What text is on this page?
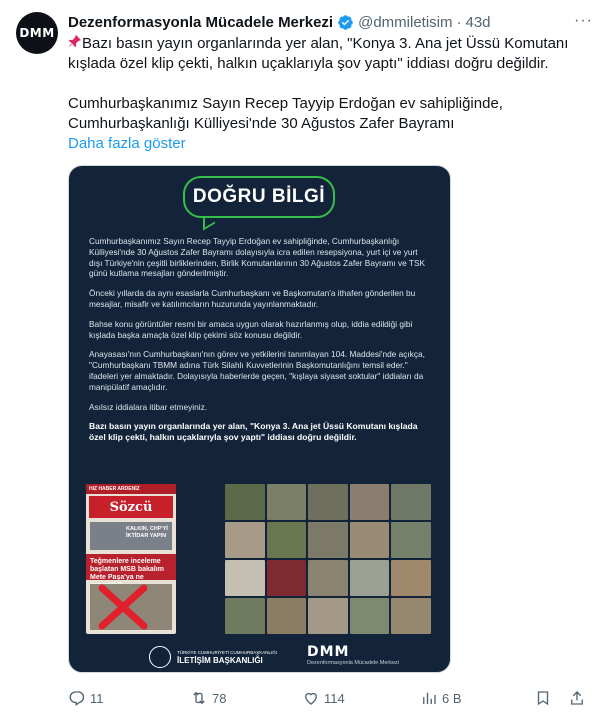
DMM
Dezenformasyonla Mücadele Merkezi @dmmiletisim · 43d	···

Bazı basın yayın organlarında yer alan, "Konya 3. Ana jet Üssü Komutanı kışlada özel klip çekti, halkın uçaklarıyla şov yaptı" iddiası doğru değildir.

Cumhurbaşkanımız Sayın Recep Tayyip Erdoğan ev sahipliğinde, Cumhurbaşkanlığı Külliyesi'nde 30 Ağustos Zafer Bayramı

Daha fazla göster

DOĞRU BİLGİ

Cumhurbaşkanımız Sayın Recep Tayyip Erdoğan ev sahipliğinde, Cumhurbaşkanlığı Külliyesi'nde 30 Ağustos Zafer Bayramı dolayısıyla icra edilen resepsiyona, yurt içi ve yurt dışı Türkiye'nin çeşitli birliklerinden, Birlik Komutanlarının 30 Ağustos Zafer Bayramı ve TSK günü kutlama mesajları gönderilmiştir.

Önceki yıllarda da aynı esaslarla Cumhurbaşkanı ve Başkomutan'a ithafen gönderilen bu mesajlar, misafir ve katılımcıların huzurunda yayınlanmaktadır.

Bahse konu görüntüler resmi bir amaca uygun olarak hazırlanmış olup, iddia edildiği gibi kışlada başka amaçla özel klip çekimi söz konusu değildir.

Anayasası'nın Cumhurbaşkanı'nın görev ve yetkilerini tanımlayan 104. Maddesi'nde açıkça, "Cumhurbaşkanı TBMM adına Türk Silahlı Kuvvetlerinin Başkomutanlığını temsil eder." ifadeleri yer almaktadır. Dolayısıyla haberlerde geçen, "kışlaya siyaset soktular" iddiaları da manipülatif amaçlıdır.

Asılsız iddialara itibar etmeyiniz.

Bazı basın yayın organlarında yer alan, "Konya 3. Ana jet Üssü Komutanı kışlada özel klip çekti, halkın uçaklarıyla şov yaptı" iddiası doğru değildir.

HIZ HABER ARDENİZ
Sözcü
KALKIN, CHP'Yİ İKTİDAR YAPIN
Teğmenlere inceleme başlatan MSB bakalım Mete Paşa'ya ne
TÜRKİYE CUMHURİYETİ CUMHURBAŞKANLIĞI
İLETİŞİM BAŞKANLIĞI
DMM
Dezenformasyonla Mücadele Merkezi
11	78	114	6 B
